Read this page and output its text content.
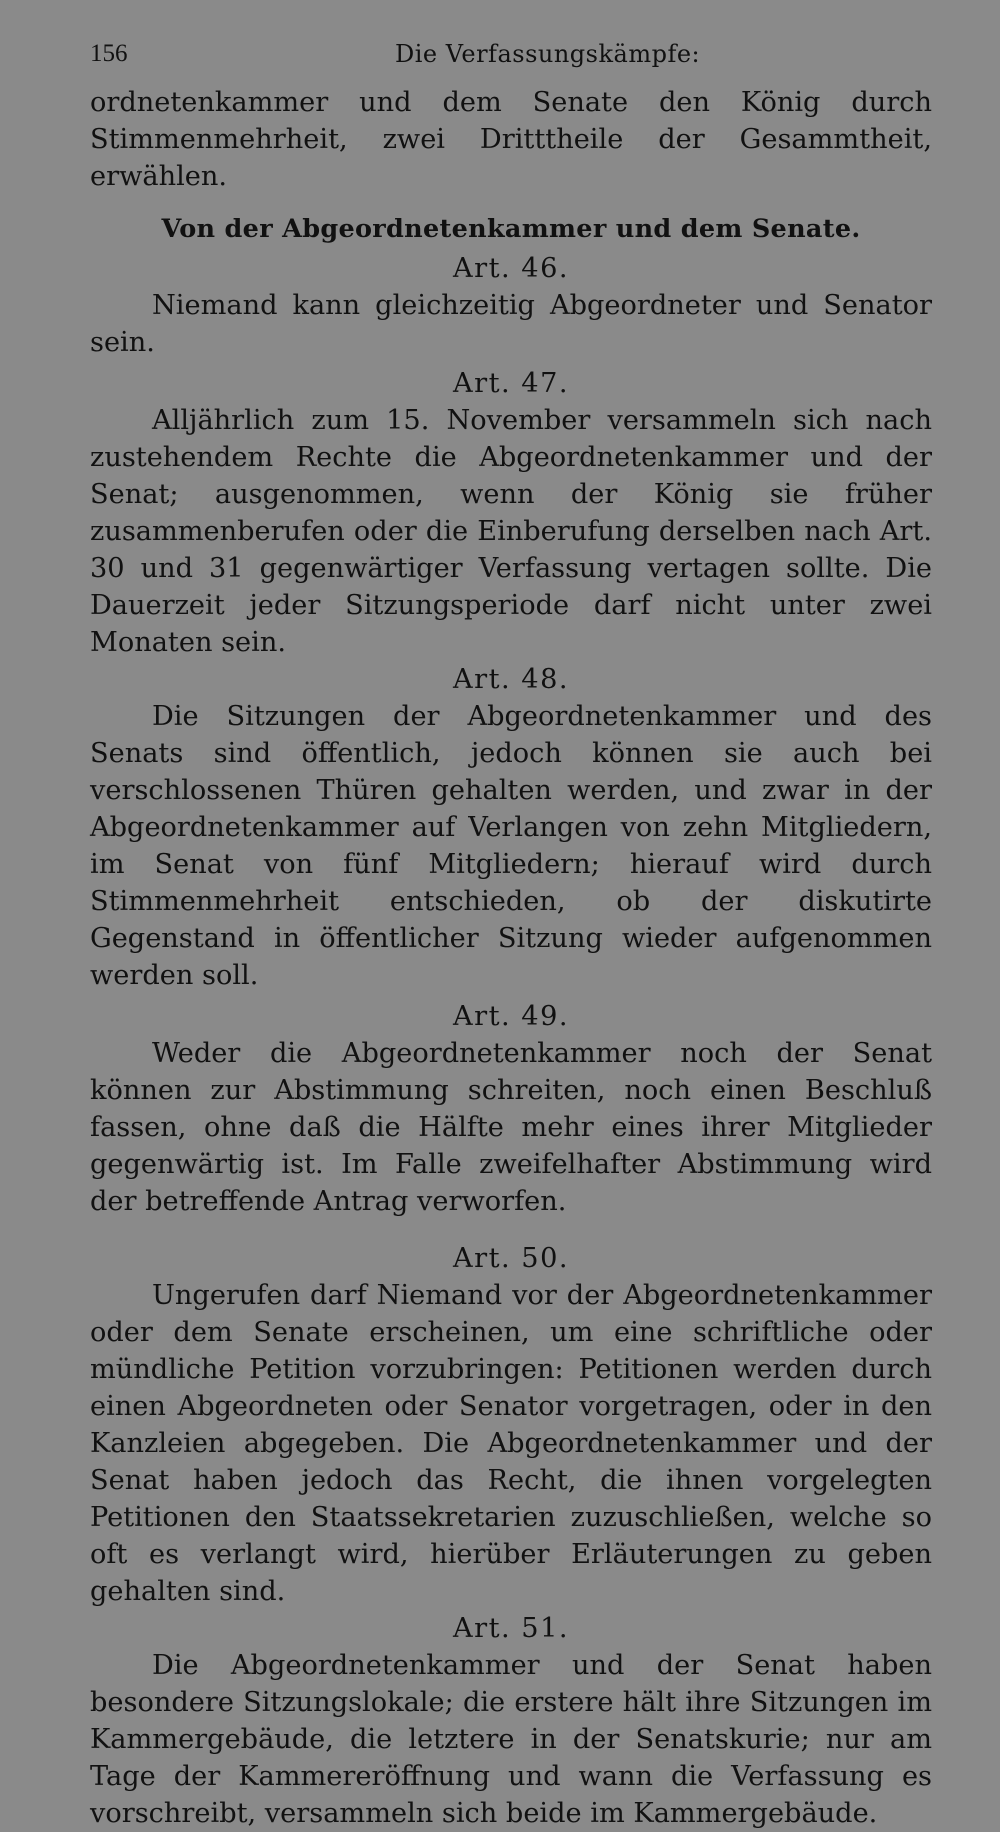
156	Die Verfassungskämpfe:

ordnetenkammer und dem Senate den König durch Stimmenmehrheit, zwei Dritttheile der Gesammtheit, erwählen.

Von der Abgeordnetenkammer und dem Senate.
Art. 46.

Niemand kann gleichzeitig Abgeordneter und Senator sein.

Art. 47.

Alljährlich zum 15. November versammeln sich nach zustehendem Rechte die Abgeordnetenkammer und der Senat; ausgenommen, wenn der König sie früher zusammenberufen oder die Einberufung derselben nach Art. 30 und 31 gegenwärtiger Verfassung vertagen sollte. Die Dauerzeit jeder Sitzungsperiode darf nicht unter zwei Monaten sein.

Art. 48.

Die Sitzungen der Abgeordnetenkammer und des Senats sind öffentlich, jedoch können sie auch bei verschlossenen Thüren gehalten werden, und zwar in der Abgeordnetenkammer auf Verlangen von zehn Mitgliedern, im Senat von fünf Mitgliedern; hierauf wird durch Stimmenmehrheit entschieden, ob der diskutirte Gegenstand in öffentlicher Sitzung wieder aufgenommen werden soll.

Art. 49.

Weder die Abgeordnetenkammer noch der Senat können zur Abstimmung schreiten, noch einen Beschluß fassen, ohne daß die Hälfte mehr eines ihrer Mitglieder gegenwärtig ist. Im Falle zweifelhafter Abstimmung wird der betreffende Antrag verworfen.

Art. 50.

Ungerufen darf Niemand vor der Abgeordnetenkammer oder dem Senate erscheinen, um eine schriftliche oder mündliche Petition vorzubringen: Petitionen werden durch einen Abgeordneten oder Senator vorgetragen, oder in den Kanzleien abgegeben. Die Abgeordnetenkammer und der Senat haben jedoch das Recht, die ihnen vorgelegten Petitionen den Staatssekretarien zuzuschließen, welche so oft es verlangt wird, hierüber Erläuterungen zu geben gehalten sind.

Art. 51.

Die Abgeordnetenkammer und der Senat haben besondere Sitzungslokale; die erstere hält ihre Sitzungen im Kammergebäude, die letztere in der Senatskurie; nur am Tage der Kammereröffnung und wann die Verfassung es vorschreibt, versammeln sich beide im Kammergebäude.
